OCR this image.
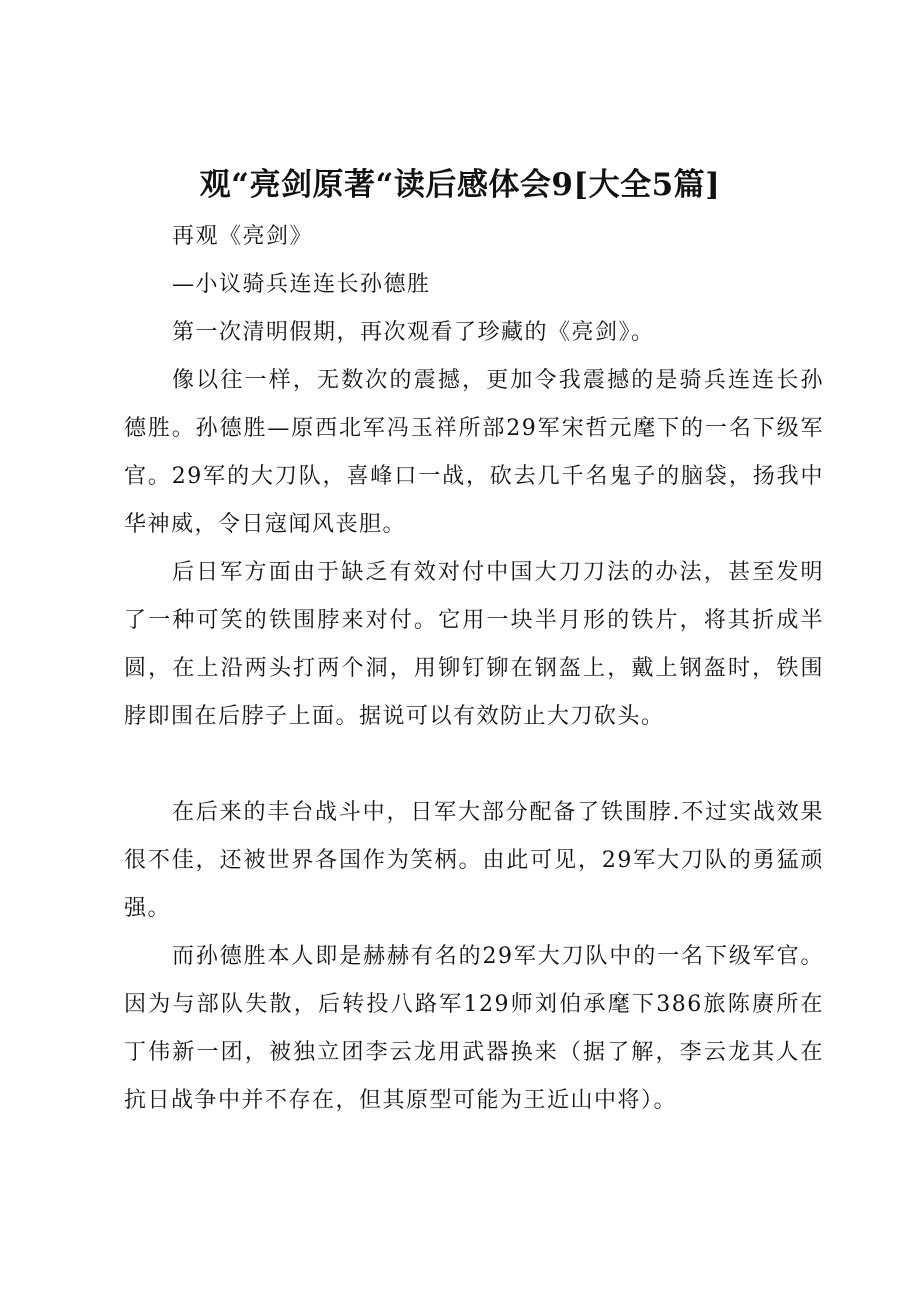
观“亮剑原著“读后感体会9[大全5篇]

再观《亮剑》

—小议骑兵连连长孙德胜

第一次清明假期，再次观看了珍藏的《亮剑》。

像以往一样，无数次的震撼，更加令我震撼的是骑兵连连长孙德胜。孙德胜—原西北军冯玉祥所部29军宋哲元麾下的一名下级军官。29军的大刀队，喜峰口一战，砍去几千名鬼子的脑袋，扬我中华神威，令日寇闻风丧胆。

后日军方面由于缺乏有效对付中国大刀刀法的办法，甚至发明了一种可笑的铁围脖来对付。它用一块半月形的铁片，将其折成半圆，在上沿两头打两个洞，用铆钉铆在钢盔上，戴上钢盔时，铁围脖即围在后脖子上面。据说可以有效防止大刀砍头。

在后来的丰台战斗中，日军大部分配备了铁围脖.不过实战效果很不佳，还被世界各国作为笑柄。由此可见，29军大刀队的勇猛顽强。

而孙德胜本人即是赫赫有名的29军大刀队中的一名下级军官。因为与部队失散，后转投八路军129师刘伯承麾下386旅陈赓所在丁伟新一团，被独立团李云龙用武器换来（据了解，李云龙其人在抗日战争中并不存在，但其原型可能为王近山中将）。
